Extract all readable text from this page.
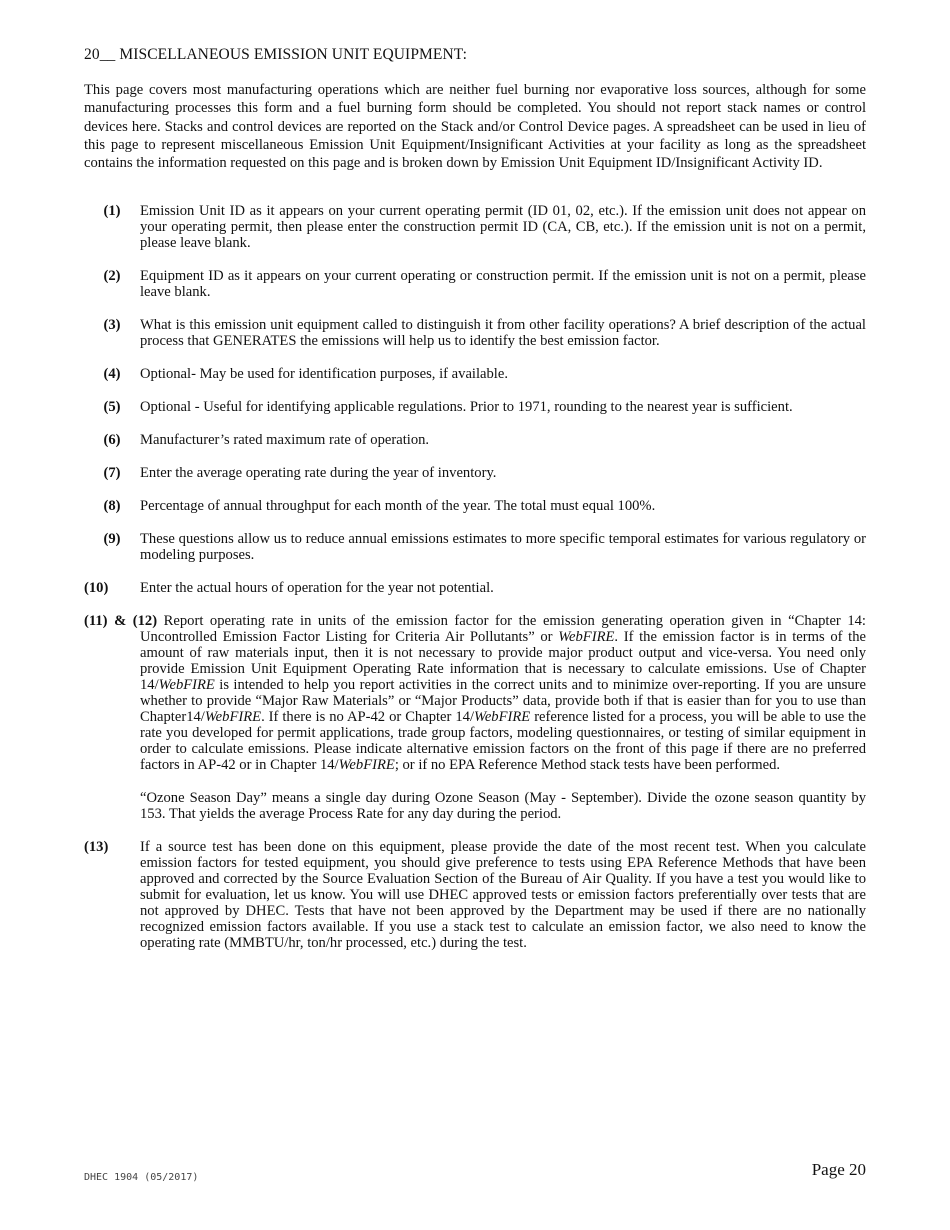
20__ MISCELLANEOUS EMISSION UNIT EQUIPMENT:
This page covers most manufacturing operations which are neither fuel burning nor evaporative loss sources, although for some manufacturing processes this form and a fuel burning form should be completed. You should not report stack names or control devices here. Stacks and control devices are reported on the Stack and/or Control Device pages. A spreadsheet can be used in lieu of this page to represent miscellaneous Emission Unit Equipment/Insignificant Activities at your facility as long as the spreadsheet contains the information requested on this page and is broken down by Emission Unit Equipment ID/Insignificant Activity ID.
(1)	Emission Unit ID as it appears on your current operating permit (ID 01, 02, etc.). If the emission unit does not appear on your operating permit, then please enter the construction permit ID (CA, CB, etc.). If the emission unit is not on a permit, please leave blank.
(2)	Equipment ID as it appears on your current operating or construction permit. If the emission unit is not on a permit, please leave blank.
(3)	What is this emission unit equipment called to distinguish it from other facility operations? A brief description of the actual process that GENERATES the emissions will help us to identify the best emission factor.
(4)	Optional- May be used for identification purposes, if available.
(5)	Optional - Useful for identifying applicable regulations. Prior to 1971, rounding to the nearest year is sufficient.
(6)	Manufacturer’s rated maximum rate of operation.
(7)	Enter the average operating rate during the year of inventory.
(8)	Percentage of annual throughput for each month of the year. The total must equal 100%.
(9)	These questions allow us to reduce annual emissions estimates to more specific temporal estimates for various regulatory or modeling purposes.
(10)	Enter the actual hours of operation for the year not potential.
(11) & (12) Report operating rate in units of the emission factor for the emission generating operation given in “Chapter 14: Uncontrolled Emission Factor Listing for Criteria Air Pollutants” or WebFIRE. If the emission factor is in terms of the amount of raw materials input, then it is not necessary to provide major product output and vice-versa. You need only provide Emission Unit Equipment Operating Rate information that is necessary to calculate emissions. Use of Chapter 14/WebFIRE is intended to help you report activities in the correct units and to minimize over-reporting. If you are unsure whether to provide “Major Raw Materials” or “Major Products” data, provide both if that is easier than for you to use than Chapter14/WebFIRE. If there is no AP-42 or Chapter 14/WebFIRE reference listed for a process, you will be able to use the rate you developed for permit applications, trade group factors, modeling questionnaires, or testing of similar equipment in order to calculate emissions. Please indicate alternative emission factors on the front of this page if there are no preferred factors in AP-42 or in Chapter 14/WebFIRE; or if no EPA Reference Method stack tests have been performed.
“Ozone Season Day” means a single day during Ozone Season (May - September). Divide the ozone season quantity by 153. That yields the average Process Rate for any day during the period.
(13)	If a source test has been done on this equipment, please provide the date of the most recent test. When you calculate emission factors for tested equipment, you should give preference to tests using EPA Reference Methods that have been approved and corrected by the Source Evaluation Section of the Bureau of Air Quality. If you have a test you would like to submit for evaluation, let us know. You will use DHEC approved tests or emission factors preferentially over tests that are not approved by DHEC. Tests that have not been approved by the Department may be used if there are no nationally recognized emission factors available. If you use a stack test to calculate an emission factor, we also need to know the operating rate (MMBTU/hr, ton/hr processed, etc.) during the test.
DHEC 1904 (05/2017)	Page 20
